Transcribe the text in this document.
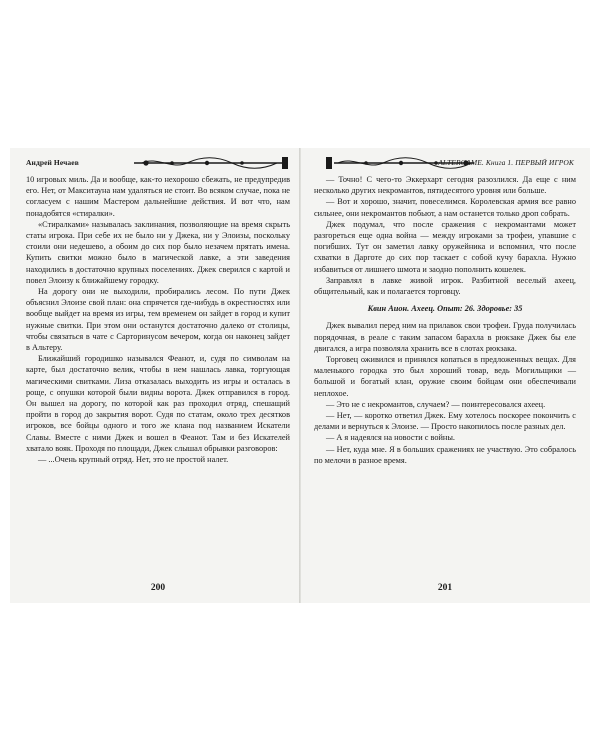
Андрей Нечаев

10 игровых миль. Да и вообще, как-то нехорошо сбежать, не предупредив его. Нет, от Макситауна нам удаляться не стоит. Во всяком случае, пока не согласуем с нашим Мастером дальнейшие действия. И вот что, нам понадобятся «стиралки».

«Стиралками» называлась заклинания, позволяющие на время скрыть статы игрока. При себе их не было ни у Джека, ни у Элоизы, поскольку стоили они недешево, а обоим до сих пор было незачем прятать имена. Купить свитки можно было в магической лавке, а эти заведения находились в достаточно крупных поселениях. Джек сверился с картой и повел Элоизу к ближайшему городку.

На дорогу они не выходили, пробирались лесом. По пути Джек объяснил Элоизе свой план: она спрячется где-нибудь в окрестностях или вообще выйдет на время из игры, тем временем он зайдет в город и купит нужные свитки. При этом они останутся достаточно далеко от столицы, чтобы связаться в чате с Сарторинусом вечером, когда он наконец зайдет в Альтеру.

Ближайший городишко назывался Феанот, и, судя по символам на карте, был достаточно велик, чтобы в нем нашлась лавка, торгующая магическими свитками. Лиза отказалась выходить из игры и осталась в роще, с опушки которой были видны ворота. Джек отправился в город. Он вышел на дорогу, по которой как раз проходил отряд, спешащий пройти в город до закрытия ворот. Судя по статам, около трех десятков игроков, все бойцы одного и того же клана под названием Искатели Славы. Вместе с ними Джек и вошел в Феанот. Там и без Искателей хватало вояк. Проходя по площади, Джек слышал обрывки разговоров:

— ...Очень крупный отряд. Нет, это не простой налет.

200
ALTERGAME. Книга 1. ПЕРВЫЙ ИГРОК

— Точно! С чего-то Эккерхарт сегодня разозлился. Да еще с ним несколько других некромантов, пятидесятого уровня или больше.

— Вот и хорошо, значит, повеселимся. Королевская армия все равно сильнее, они некромантов побьют, а нам останется только дроп собрать.

Джек подумал, что после сражения с некромантами может разгореться еще одна война — между игроками за трофеи, упавшие с погибших. Тут он заметил лавку оружейника и вспомнил, что после схватки в Дарготе до сих пор таскает с собой кучу барахла. Нужно избавиться от лишнего шмота и заодно пополнить кошелек.

Заправлял в лавке живой игрок. Разбитной веселый ахеец, общительный, как и полагается торговцу.

Квин Аион. Ахеец. Опыт: 26. Здоровье: 35

Джек вывалил перед ним на прилавок свои трофеи. Груда получилась порядочная, в реале с таким запасом барахла в рюкзаке Джек бы еле двигался, а игра позволяла хранить все в слотах рюкзака.

Торговец оживился и принялся копаться в предложенных вещах. Для маленького городка это был хороший товар, ведь Могильщики — большой и богатый клан, оружие своим бойцам они обеспечивали неплохое.

— Это не с некромантов, случаем? — поинтересовался ахеец.

— Нет, — коротко ответил Джек. Ему хотелось поскорее покончить с делами и вернуться к Элоизе. — Просто накопилось после разных дел.

— А я надеялся на новости с войны.

— Нет, куда мне. Я в больших сражениях не участвую. Это собралось по мелочи в разное время.

201
